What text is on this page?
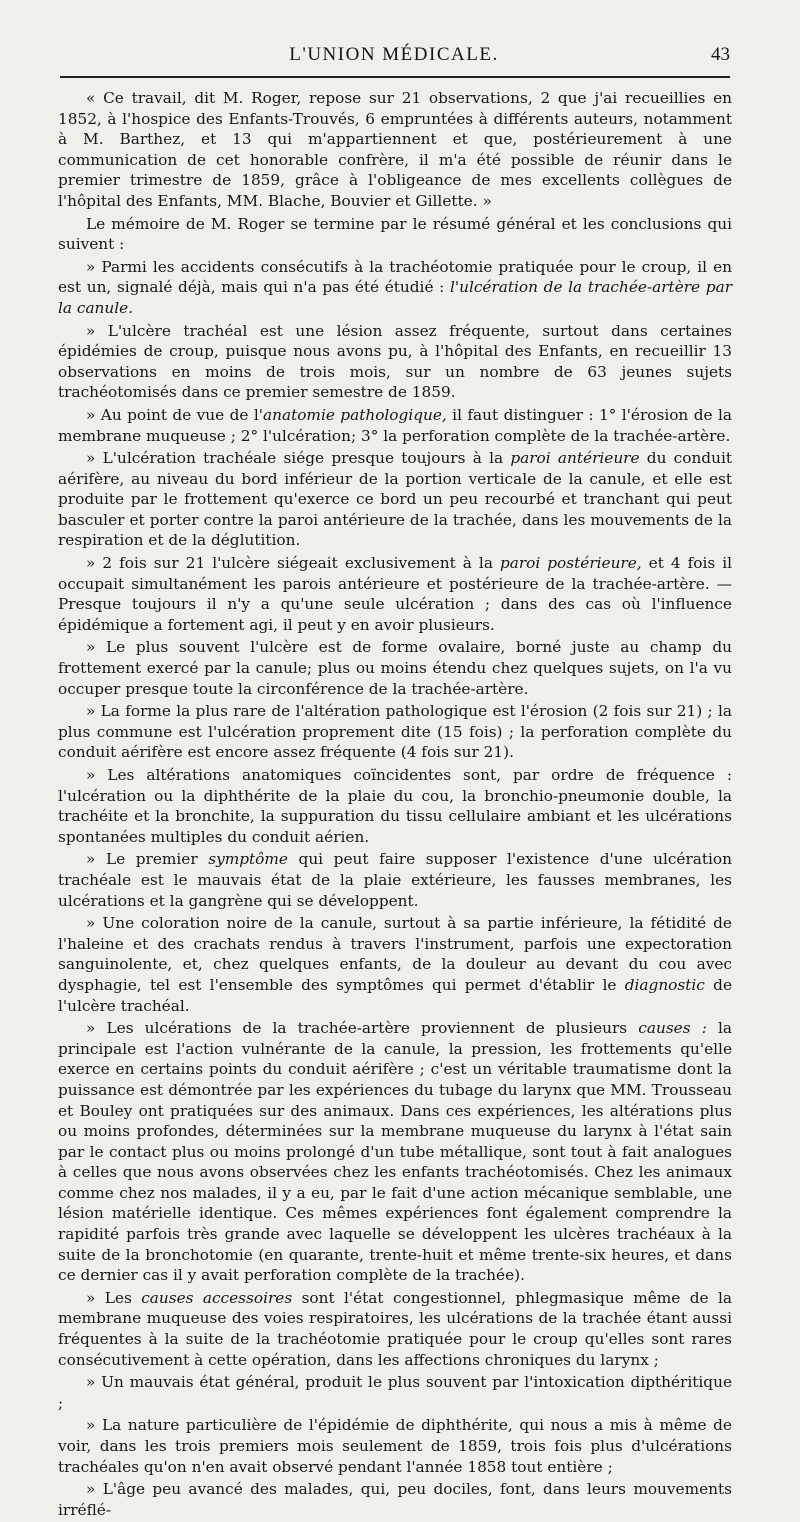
L'UNION MÉDICALE.	43

« Ce travail, dit M. Roger, repose sur 21 observations, 2 que j'ai recueillies en 1852, à l'hospice des Enfants-Trouvés, 6 empruntées à différents auteurs, notamment à M. Barthez, et 13 qui m'appartiennent et que, postérieurement à une communication de cet honorable confrère, il m'a été possible de réunir dans le premier trimestre de 1859, grâce à l'obligeance de mes excellents collègues de l'hôpital des Enfants, MM. Blache, Bouvier et Gillette. »

Le mémoire de M. Roger se termine par le résumé général et les conclusions qui suivent :

» Parmi les accidents consécutifs à la trachéotomie pratiquée pour le croup, il en est un, signalé déjà, mais qui n'a pas été étudié : l'ulcération de la trachée-artère par la canule.

» L'ulcère trachéal est une lésion assez fréquente, surtout dans certaines épidémies de croup, puisque nous avons pu, à l'hôpital des Enfants, en recueillir 13 observations en moins de trois mois, sur un nombre de 63 jeunes sujets trachéotomisés dans ce premier semestre de 1859.

» Au point de vue de l'anatomie pathologique, il faut distinguer : 1° l'érosion de la membrane muqueuse ; 2° l'ulcération; 3° la perforation complète de la trachée-artère.

» L'ulcération trachéale siége presque toujours à la paroi antérieure du conduit aérifère, au niveau du bord inférieur de la portion verticale de la canule, et elle est produite par le frottement qu'exerce ce bord un peu recourbé et tranchant qui peut basculer et porter contre la paroi antérieure de la trachée, dans les mouvements de la respiration et de la déglutition.

» 2 fois sur 21 l'ulcère siégeait exclusivement à la paroi postérieure, et 4 fois il occupait simultanément les parois antérieure et postérieure de la trachée-artère. — Presque toujours il n'y a qu'une seule ulcération ; dans des cas où l'influence épidémique a fortement agi, il peut y en avoir plusieurs.

» Le plus souvent l'ulcère est de forme ovalaire, borné juste au champ du frottement exercé par la canule; plus ou moins étendu chez quelques sujets, on l'a vu occuper presque toute la circonférence de la trachée-artère.

» La forme la plus rare de l'altération pathologique est l'érosion (2 fois sur 21) ; la plus commune est l'ulcération proprement dite (15 fois) ; la perforation complète du conduit aérifère est encore assez fréquente (4 fois sur 21).

» Les altérations anatomiques coïncidentes sont, par ordre de fréquence : l'ulcération ou la diphthérite de la plaie du cou, la bronchio-pneumonie double, la trachéite et la bronchite, la suppuration du tissu cellulaire ambiant et les ulcérations spontanées multiples du conduit aérien.

» Le premier symptôme qui peut faire supposer l'existence d'une ulcération trachéale est le mauvais état de la plaie extérieure, les fausses membranes, les ulcérations et la gangrène qui se développent.

» Une coloration noire de la canule, surtout à sa partie inférieure, la fétidité de l'haleine et des crachats rendus à travers l'instrument, parfois une expectoration sanguinolente, et, chez quelques enfants, de la douleur au devant du cou avec dysphagie, tel est l'ensemble des symptômes qui permet d'établir le diagnostic de l'ulcère trachéal.

» Les ulcérations de la trachée-artère proviennent de plusieurs causes : la principale est l'action vulnérante de la canule, la pression, les frottements qu'elle exerce en certains points du conduit aérifère ; c'est un véritable traumatisme dont la puissance est démontrée par les expériences du tubage du larynx que MM. Trousseau et Bouley ont pratiquées sur des animaux. Dans ces expériences, les altérations plus ou moins profondes, déterminées sur la membrane muqueuse du larynx à l'état sain par le contact plus ou moins prolongé d'un tube métallique, sont tout à fait analogues à celles que nous avons observées chez les enfants trachéotomisés. Chez les animaux comme chez nos malades, il y a eu, par le fait d'une action mécanique semblable, une lésion matérielle identique. Ces mêmes expériences font également comprendre la rapidité parfois très grande avec laquelle se développent les ulcères trachéaux à la suite de la bronchotomie (en quarante, trente-huit et même trente-six heures, et dans ce dernier cas il y avait perforation complète de la trachée).

» Les causes accessoires sont l'état congestionnel, phlegmasique même de la membrane muqueuse des voies respiratoires, les ulcérations de la trachée étant aussi fréquentes à la suite de la trachéotomie pratiquée pour le croup qu'elles sont rares consécutivement à cette opération, dans les affections chroniques du larynx ;

» Un mauvais état général, produit le plus souvent par l'intoxication dipthéritique ;

» La nature particulière de l'épidémie de diphthérite, qui nous a mis à même de voir, dans les trois premiers mois seulement de 1859, trois fois plus d'ulcérations trachéales qu'on n'en avait observé pendant l'année 1858 tout entière ;

» L'âge peu avancé des malades, qui, peu dociles, font, dans leurs mouvements irréflé-
